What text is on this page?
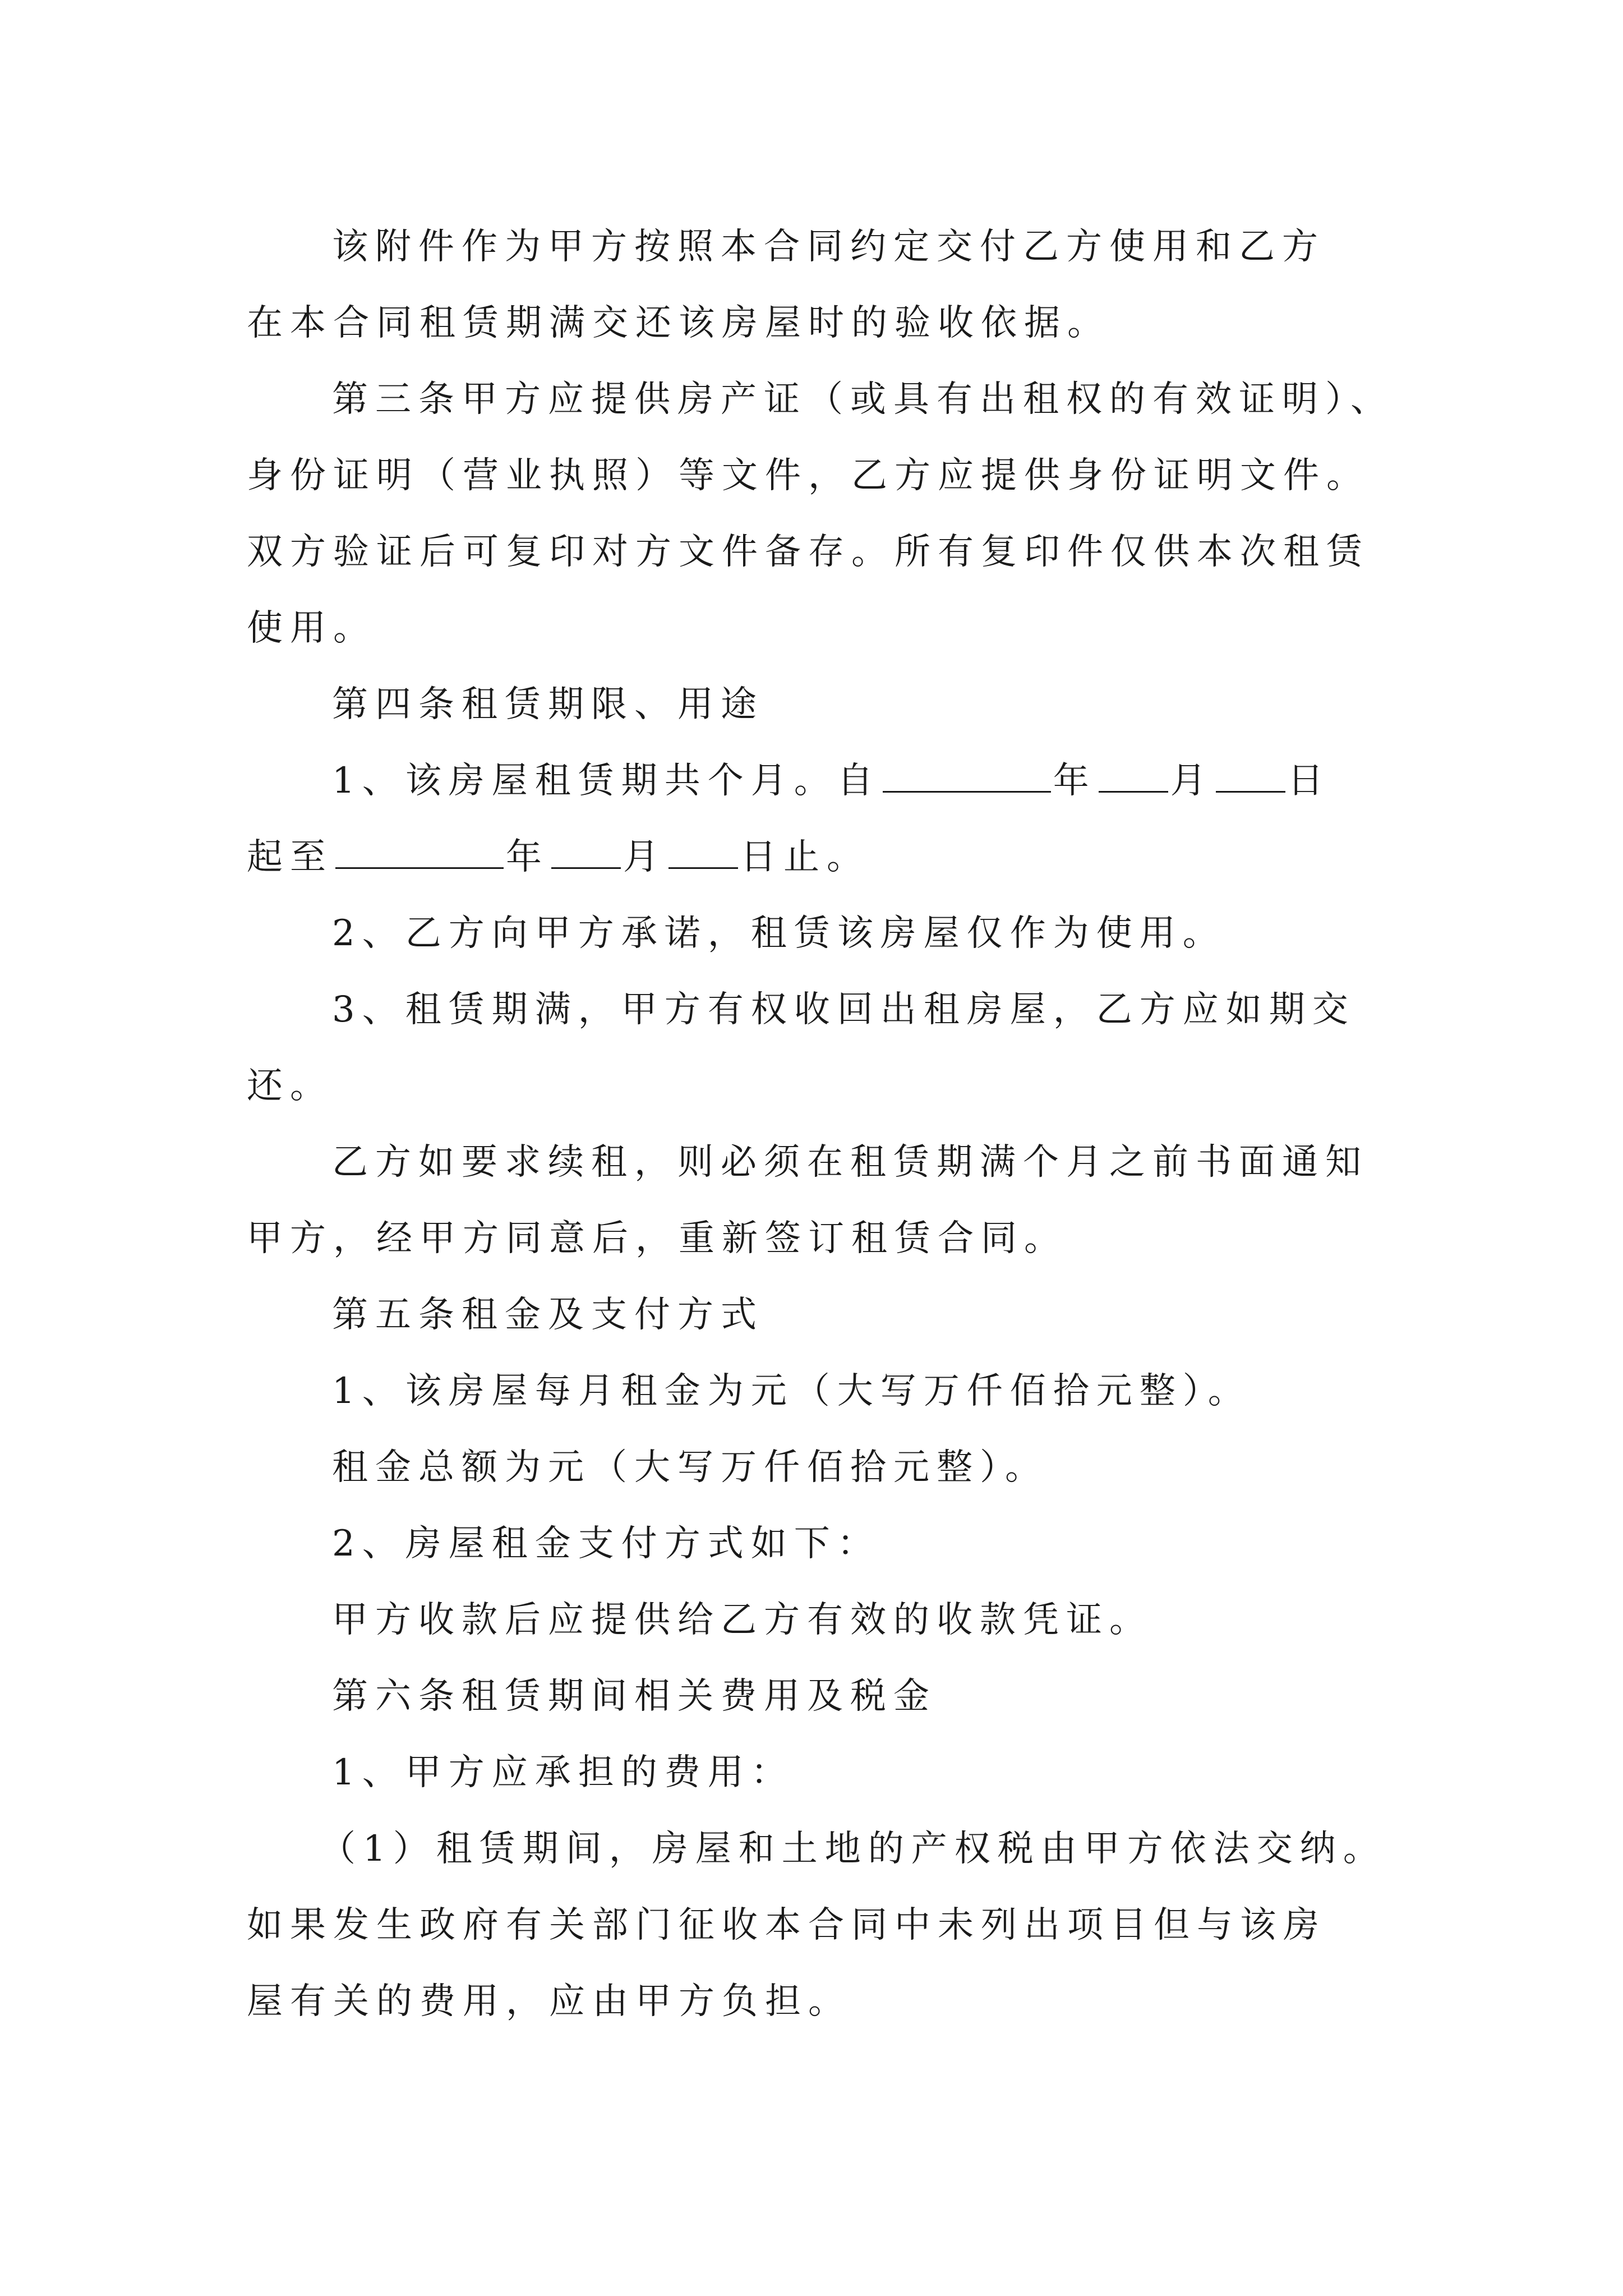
该附件作为甲方按照本合同约定交付乙方使用和乙方
在本合同租赁期满交还该房屋时的验收依据。
第三条甲方应提供房产证（或具有出租权的有效证明）、
身份证明（营业执照）等文件，乙方应提供身份证明文件。
双方验证后可复印对方文件备存。所有复印件仅供本次租赁
使用。
第四条租赁期限、用途
1、该房屋租赁期共个月。自	年 月 日
起至	年 月 日止。
2、乙方向甲方承诺，租赁该房屋仅作为使用。
3、租赁期满，甲方有权收回出租房屋，乙方应如期交
还。
乙方如要求续租，则必须在租赁期满个月之前书面通知
甲方，经甲方同意后，重新签订租赁合同。
第五条租金及支付方式
1、该房屋每月租金为元（大写万仟佰拾元整）。
租金总额为元（大写万仟佰拾元整）。
2、房屋租金支付方式如下：
甲方收款后应提供给乙方有效的收款凭证。
第六条租赁期间相关费用及税金
1、甲方应承担的费用：
（1）租赁期间，房屋和土地的产权税由甲方依法交纳。
如果发生政府有关部门征收本合同中未列出项目但与该房
屋有关的费用，应由甲方负担。
